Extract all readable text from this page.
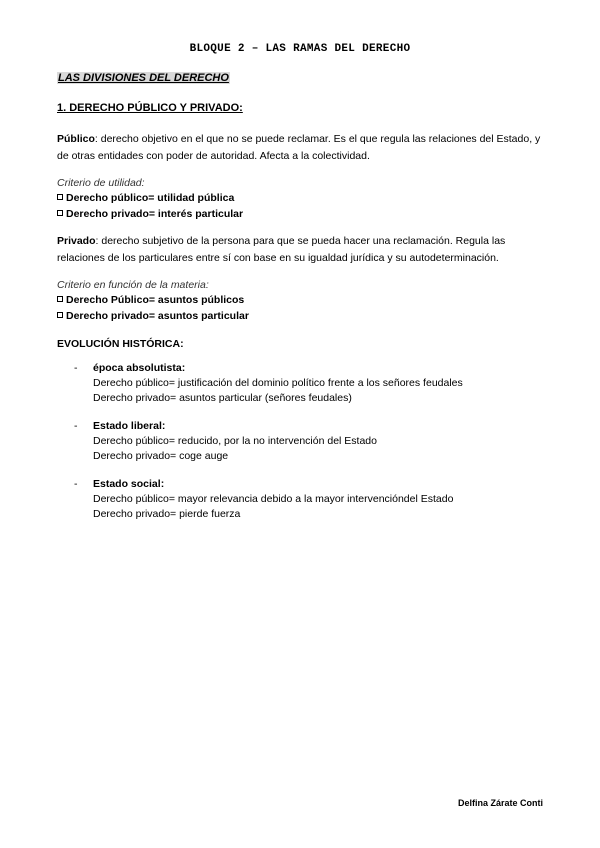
BLOQUE 2 – LAS RAMAS DEL DERECHO
LAS DIVISIONES DEL DERECHO
1. DERECHO PÚBLICO Y PRIVADO:
Público: derecho objetivo en el que no se puede reclamar. Es el que regula las relaciones del Estado, y de otras entidades con poder de autoridad. Afecta a la colectividad.
Criterio de utilidad:
Derecho público= utilidad pública
Derecho privado= interés particular
Privado: derecho subjetivo de la persona para que se pueda hacer una reclamación. Regula las relaciones de los particulares entre sí con base en su igualdad jurídica y su autodeterminación.
Criterio en función de la materia:
Derecho Público= asuntos públicos
Derecho privado= asuntos particular
EVOLUCIÓN HISTÓRICA:
- época absolutista:
Derecho público= justificación del dominio político frente a los señores feudales
Derecho privado= asuntos particular (señores feudales)
- Estado liberal:
Derecho público= reducido, por la no intervención del Estado
Derecho privado= coge auge
- Estado social:
Derecho público= mayor relevancia debido a la mayor intervencióndel Estado
Derecho privado= pierde fuerza
Delfina Zárate Conti
